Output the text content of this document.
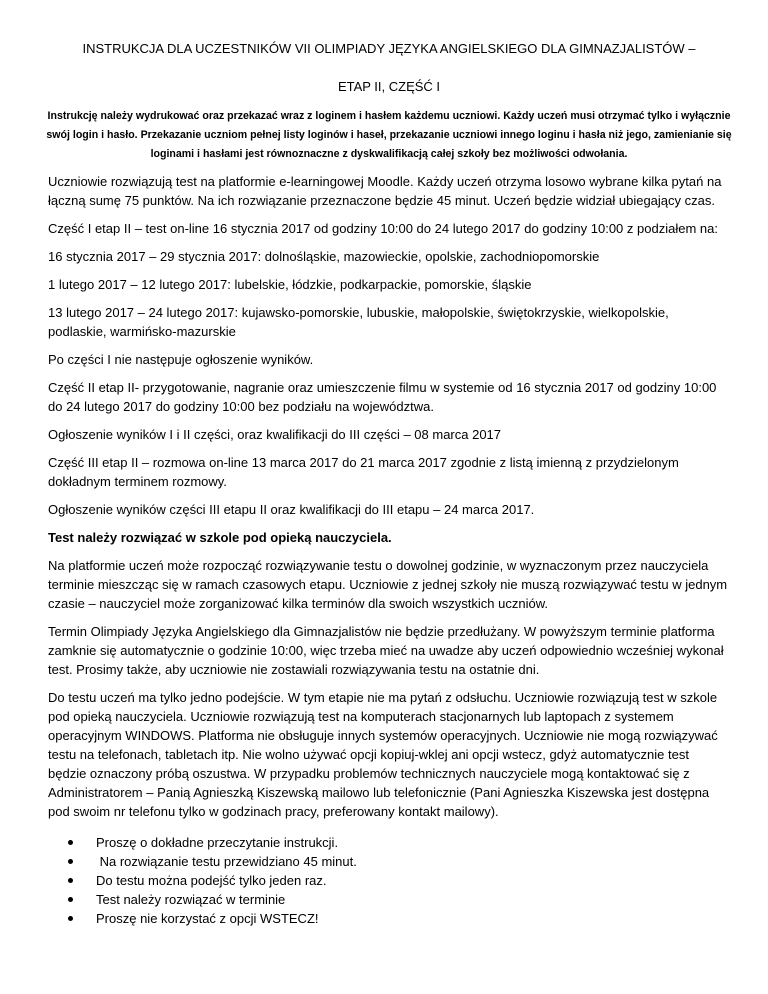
INSTRUKCJA DLA UCZESTNIKÓW VII OLIMPIADY JĘZYKA ANGIELSKIEGO DLA GIMNAZJALISTÓW –

ETAP II, CZĘŚĆ I

Instrukcję należy wydrukować oraz przekazać wraz z loginem i hasłem każdemu uczniowi. Każdy uczeń musi otrzymać tylko i wyłącznie swój login i hasło. Przekazanie uczniom pełnej listy loginów i haseł, przekazanie uczniowi innego loginu i hasła niż jego, zamienianie się loginami i hasłami jest równoznaczne z dyskwalifikacją całej szkoły bez możliwości odwołania.

Uczniowie rozwiązują test na platformie e-learningowej Moodle. Każdy uczeń otrzyma losowo wybrane kilka pytań na łączną sumę 75 punktów. Na ich rozwiązanie przeznaczone będzie 45 minut. Uczeń będzie widział ubiegający czas.

Część I etap II – test on-line 16 stycznia 2017 od godziny 10:00 do 24 lutego 2017 do godziny 10:00 z podziałem na:

16 stycznia 2017 – 29 stycznia 2017: dolnośląskie, mazowieckie, opolskie, zachodniopomorskie

1 lutego 2017 – 12 lutego 2017: lubelskie, łódzkie, podkarpackie, pomorskie, śląskie

13 lutego 2017 – 24 lutego 2017: kujawsko-pomorskie, lubuskie, małopolskie, świętokrzyskie, wielkopolskie, podlaskie, warmińsko-mazurskie

Po części I nie następuje ogłoszenie wyników.

Część II etap II- przygotowanie, nagranie oraz umieszczenie filmu w systemie od 16 stycznia 2017 od godziny 10:00 do 24 lutego 2017 do godziny 10:00 bez podziału na województwa.

Ogłoszenie wyników I i II części, oraz kwalifikacji do III części – 08 marca 2017

Część III etap II – rozmowa on-line 13 marca 2017 do 21 marca 2017 zgodnie z listą imienną z przydzielonym dokładnym terminem rozmowy.

Ogłoszenie wyników części III etapu II oraz kwalifikacji do III etapu – 24 marca 2017.

Test należy rozwiązać w szkole pod opieką nauczyciela.

Na platformie uczeń może rozpocząć rozwiązywanie testu o dowolnej godzinie, w wyznaczonym przez nauczyciela terminie mieszcząc się w ramach czasowych etapu. Uczniowie z jednej szkoły nie muszą rozwiązywać testu w jednym czasie – nauczyciel może zorganizować kilka terminów dla swoich wszystkich uczniów.

Termin Olimpiady Języka Angielskiego dla Gimnazjalistów nie będzie przedłużany. W powyższym terminie platforma zamknie się automatycznie o godzinie 10:00, więc trzeba mieć na uwadze aby uczeń odpowiednio wcześniej wykonał test. Prosimy także, aby uczniowie nie zostawiali rozwiązywania testu na ostatnie dni.

Do testu uczeń ma tylko jedno podejście. W tym etapie nie ma pytań z odsłuchu. Uczniowie rozwiązują test w szkole pod opieką nauczyciela. Uczniowie rozwiązują test na komputerach stacjonarnych lub laptopach z systemem operacyjnym WINDOWS. Platforma nie obsługuje innych systemów operacyjnych. Uczniowie nie mogą rozwiązywać testu na telefonach, tabletach itp. Nie wolno używać opcji kopiuj-wklej ani opcji wstecz, gdyż automatycznie test będzie oznaczony próbą oszustwa. W przypadku problemów technicznych nauczyciele mogą kontaktować się z Administratorem – Panią Agnieszką Kiszewską mailowo lub telefonicznie (Pani Agnieszka Kiszewska jest dostępna pod swoim nr telefonu tylko w godzinach pracy, preferowany kontakt mailowy).

Proszę o dokładne przeczytanie instrukcji.
Na rozwiązanie testu przewidziano 45 minut.
Do testu można podejść tylko jeden raz.
Test należy rozwiązać w terminie
Proszę nie korzystać z opcji WSTECZ!
